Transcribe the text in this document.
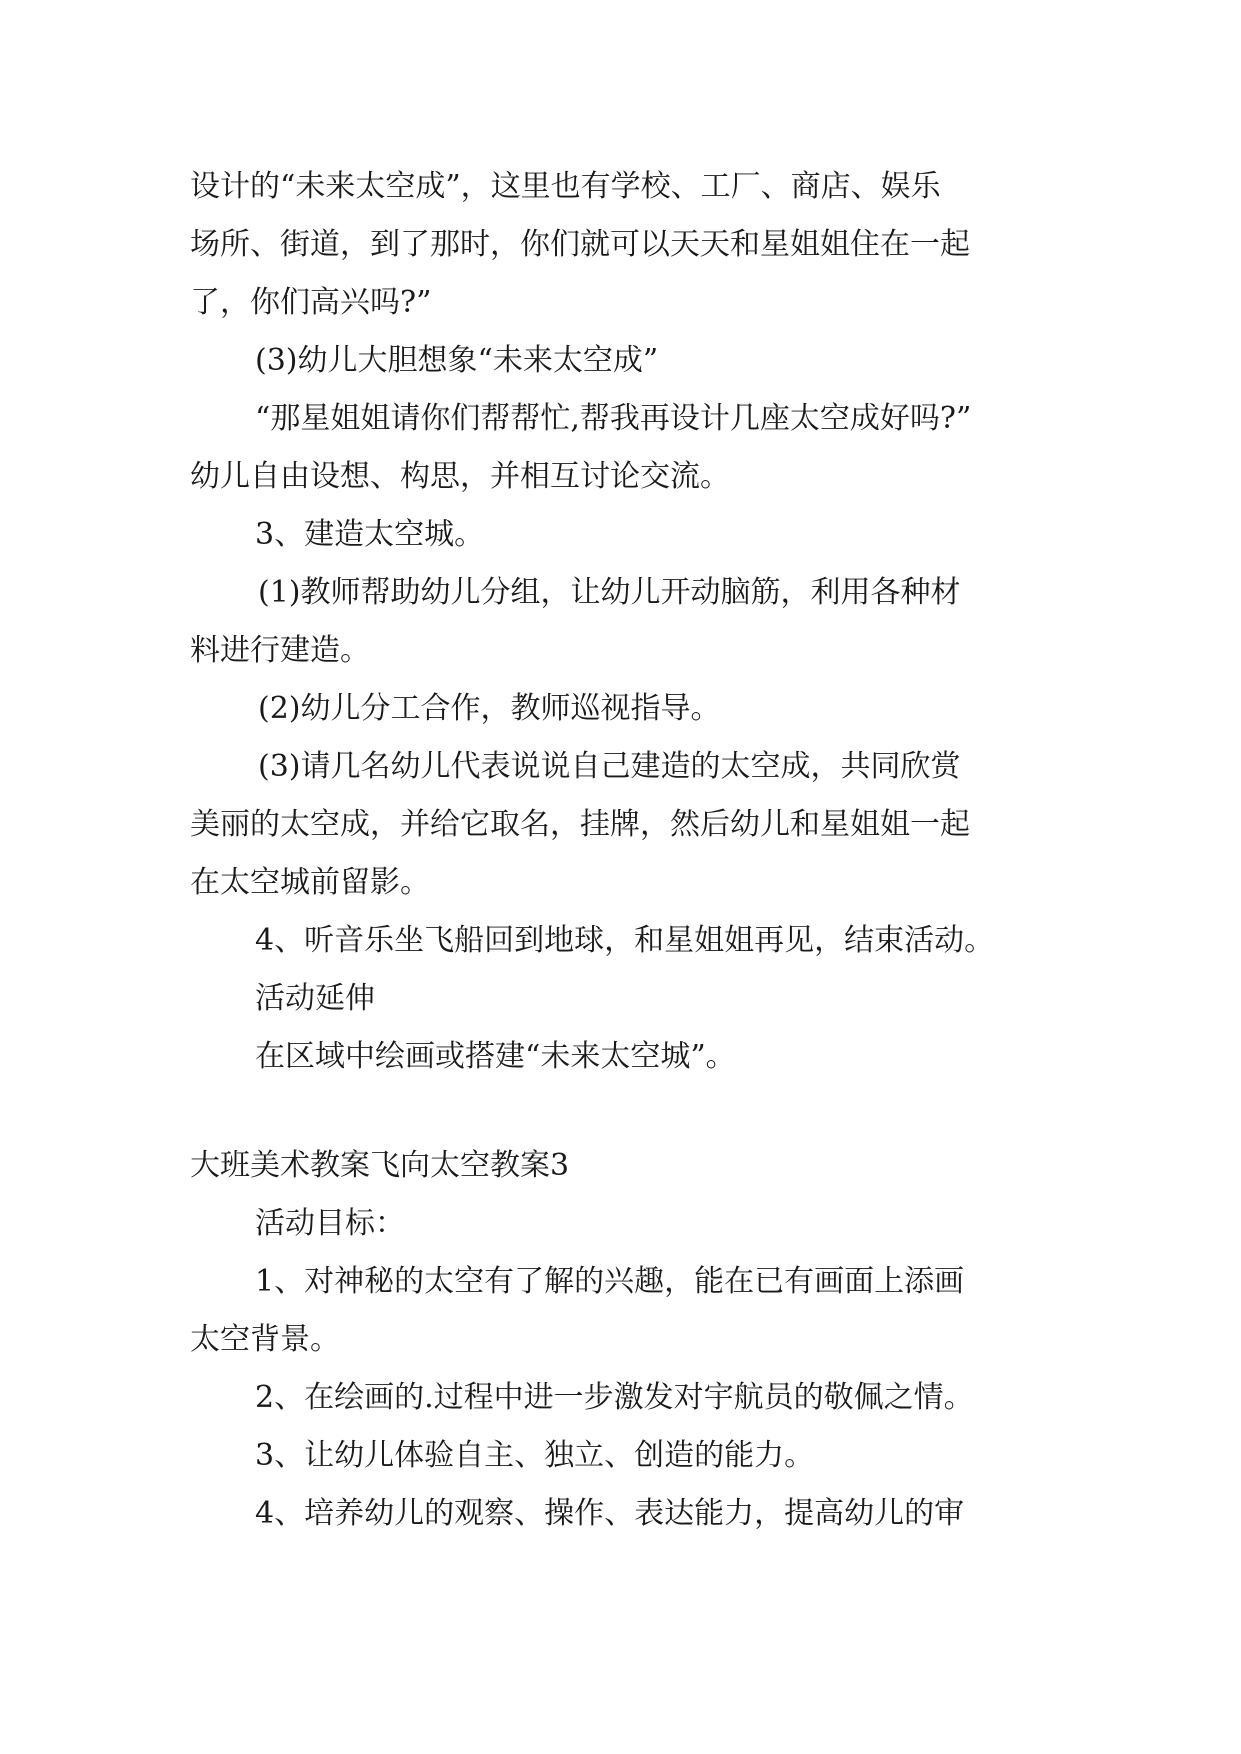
设计的“未来太空成”，这里也有学校、工厂、商店、娱乐

场所、街道，到了那时，你们就可以天天和星姐姐住在一起

了，你们高兴吗?”

(3)幼儿大胆想象“未来太空成”

“那星姐姐请你们帮帮忙,帮我再设计几座太空成好吗?”

幼儿自由设想、构思，并相互讨论交流。

3、建造太空城。

(1)教师帮助幼儿分组，让幼儿开动脑筋，利用各种材

料进行建造。

(2)幼儿分工合作，教师巡视指导。

(3)请几名幼儿代表说说自己建造的太空成，共同欣赏

美丽的太空成，并给它取名，挂牌，然后幼儿和星姐姐一起

在太空城前留影。

4、听音乐坐飞船回到地球，和星姐姐再见，结束活动。

活动延伸

在区域中绘画或搭建“未来太空城”。

大班美术教案飞向太空教案3

活动目标：

1、对神秘的太空有了解的兴趣，能在已有画面上添画

太空背景。

2、在绘画的.过程中进一步激发对宇航员的敬佩之情。

3、让幼儿体验自主、独立、创造的能力。

4、培养幼儿的观察、操作、表达能力，提高幼儿的审
